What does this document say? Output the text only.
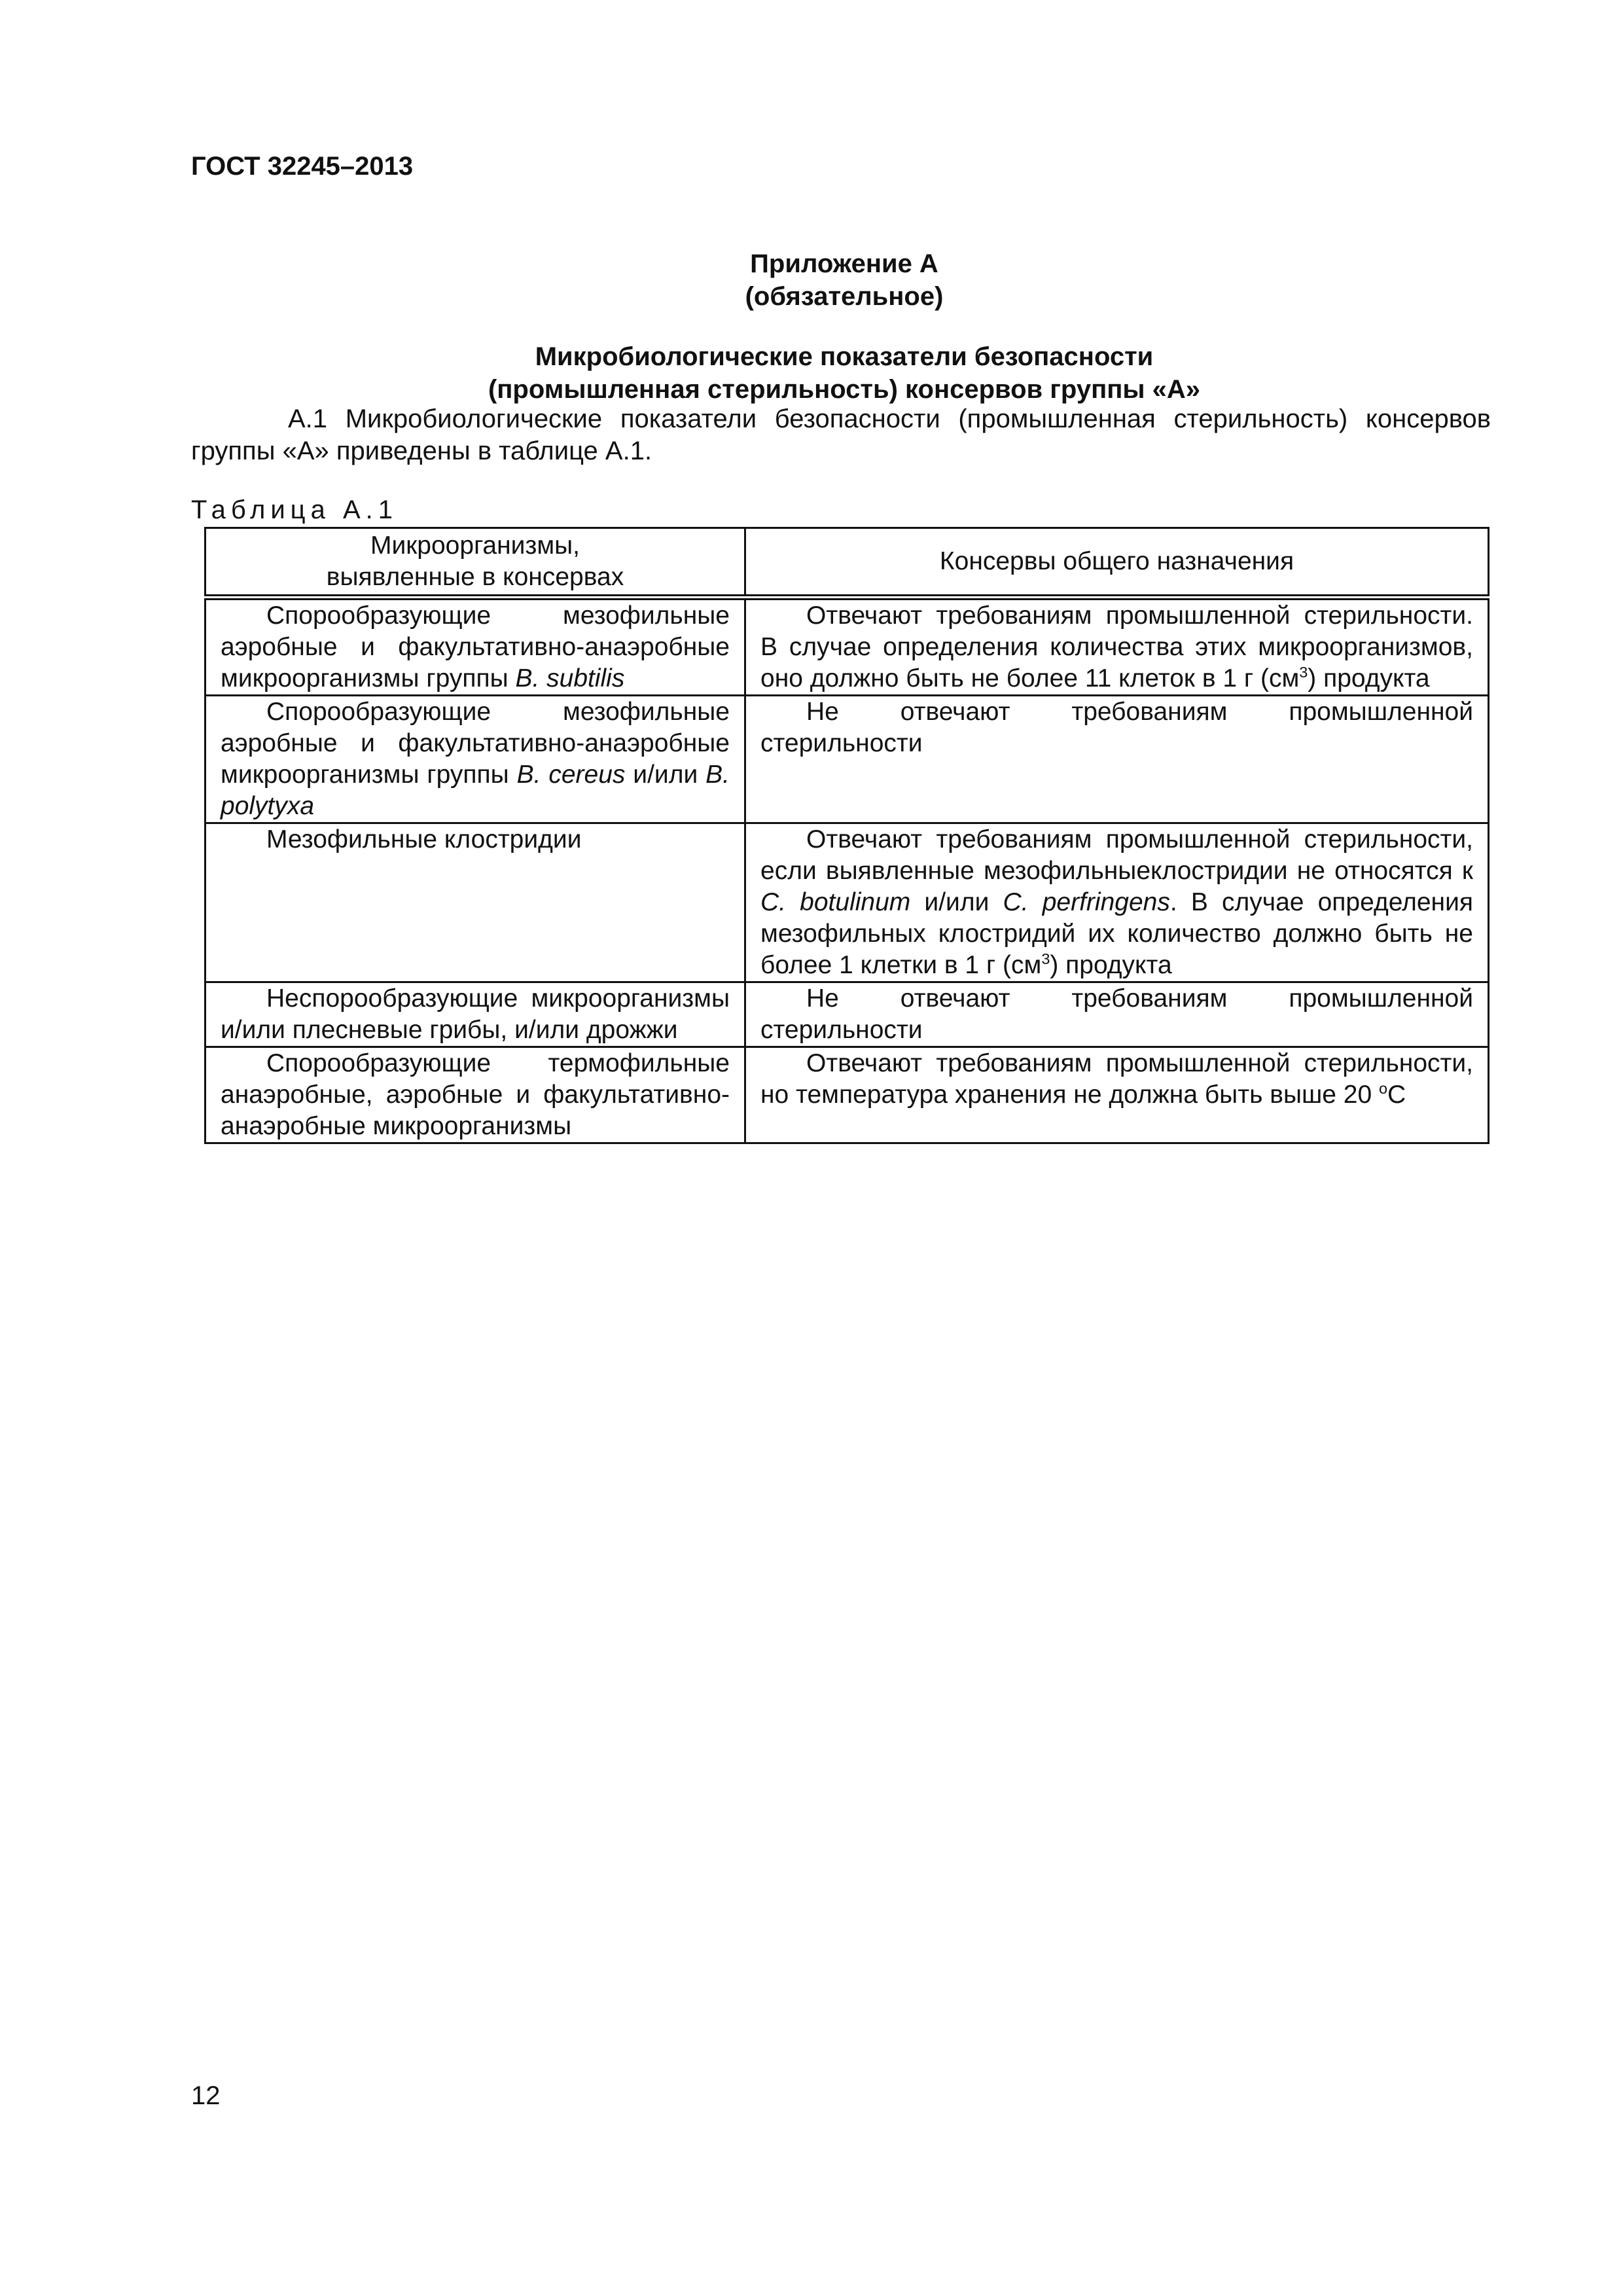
ГОСТ 32245–2013
Приложение А
(обязательное)
Микробиологические показатели безопасности
(промышленная стерильность) консервов группы «А»
А.1 Микробиологические показатели безопасности (промышленная стерильность) консервов группы «А» приведены в таблице А.1.
Таблица А.1
Микроорганизмы,
выявленные в консервах	Консервы общего назначения
Спорообразующие мезофильные аэробные и факультативно-анаэробные микроорганизмы группы B. subtilis	Отвечают требованиям промышленной стерильности. В случае определения количества этих микроорганизмов, оно должно быть не более 11 клеток в 1 г $(см^3)$ продукта
Спорообразующие мезофильные аэробные и факультативно-анаэробные микроорганизмы группы B. cereus и/или B. polytyxa	Не отвечают требованиям промышленной стерильности
Мезофильные клостридии	Отвечают требованиям промышленной стерильности, если выявленные мезофильныеклостридии не относятся к C. botulinum и/или C. perfringens. В случае определения мезофильных клостридий их количество должно быть не более 1 клетки в 1 г $(см^3)$ продукта
Неспорообразующие микроорганизмы и/или плесневые грибы, и/или дрожжи	Не отвечают требованиям промышленной стерильности
Спорообразующие термофильные анаэробные, аэробные и факультативно-анаэробные микроорганизмы	Отвечают требованиям промышленной стерильности, но температура хранения не должна быть выше 20 $^o$С
12
